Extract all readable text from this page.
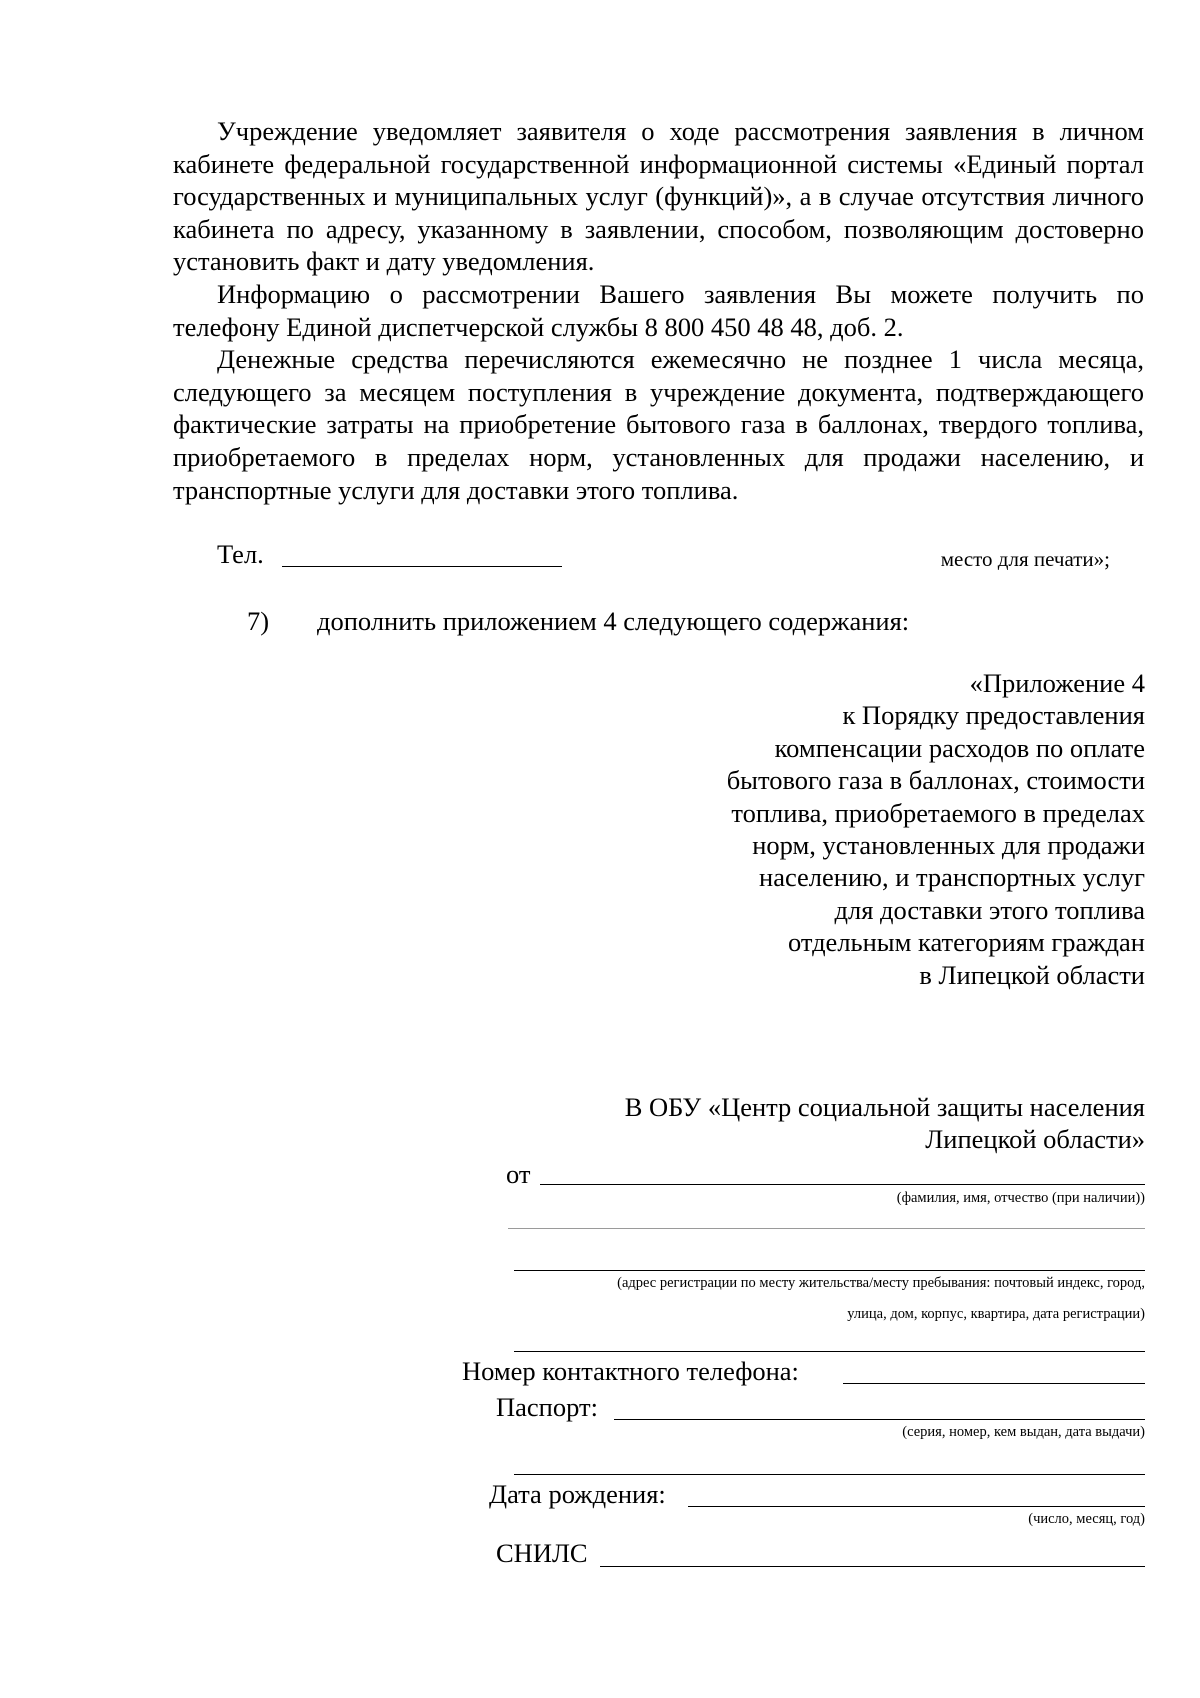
Учреждение уведомляет заявителя о ходе рассмотрения заявления в личном кабинете федеральной государственной информационной системы «Единый портал государственных и муниципальных услуг (функций)», а в случае отсутствия личного кабинета по адресу, указанному в заявлении, способом, позволяющим достоверно установить факт и дату уведомления.

Информацию о рассмотрении Вашего заявления Вы можете получить по телефону Единой диспетчерской службы 8 800 450 48 48, доб. 2.

Денежные средства перечисляются ежемесячно не позднее 1 числа месяца, следующего за месяцем поступления в учреждение документа, подтверждающего фактические затраты на приобретение бытового газа в баллонах, твердого топлива, приобретаемого в пределах норм, установленных для продажи населению, и транспортные услуги для доставки этого топлива.

Тел.	место для печати»;
7) дополнить приложением 4 следующего содержания:
«Приложение 4
к Порядку предоставления
компенсации расходов по оплате
бытового газа в баллонах, стоимости
топлива, приобретаемого в пределах
норм, установленных для продажи
населению, и транспортных услуг
для доставки этого топлива
отдельным категориям граждан
в Липецкой области
В ОБУ «Центр социальной защиты населения
Липецкой области»
от
(фамилия, имя, отчество (при наличии))
(адрес регистрации по месту жительства/месту пребывания: почтовый индекс, город,
улица, дом, корпус, квартира, дата регистрации)
Номер контактного телефона:
Паспорт:
(серия, номер, кем выдан, дата выдачи)
Дата рождения:
(число, месяц, год)
СНИЛС
